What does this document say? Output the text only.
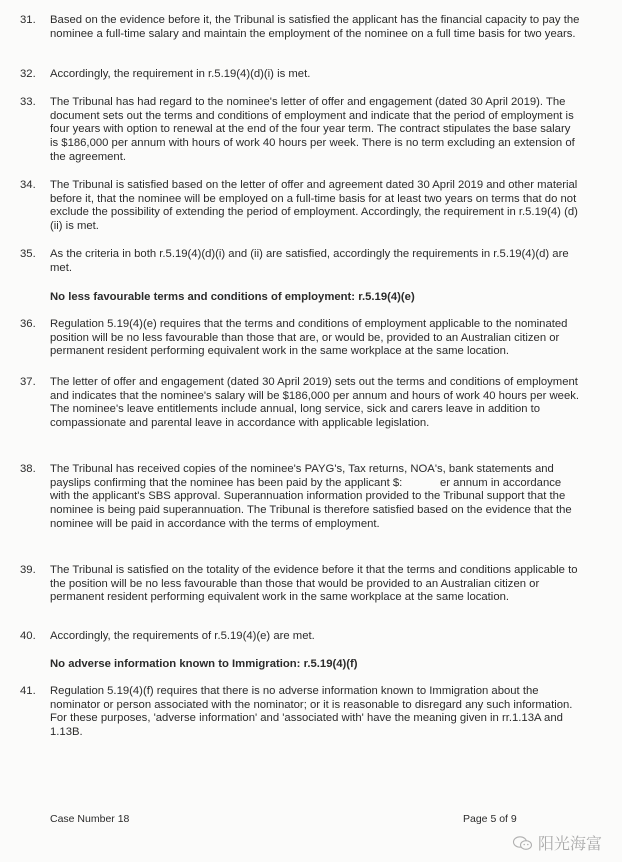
31.	Based on the evidence before it, the Tribunal is satisfied the applicant has the financial capacity to pay the nominee a full-time salary and maintain the employment of the nominee on a full time basis for two years.
32.	Accordingly, the requirement in r.5.19(4)(d)(i) is met.
33.	The Tribunal has had regard to the nominee's letter of offer and engagement (dated 30 April 2019). The document sets out the terms and conditions of employment and indicate that the period of employment is four years with option to renewal at the end of the four year term. The contract stipulates the base salary is $186,000 per annum with hours of work 40 hours per week. There is no term excluding an extension of the agreement.
34.	The Tribunal is satisfied based on the letter of offer and agreement dated 30 April 2019 and other material before it, that the nominee will be employed on a full-time basis for at least two years on terms that do not exclude the possibility of extending the period of employment. Accordingly, the requirement in r.5.19(4) (d) (ii) is met.
35.	As the criteria in both r.5.19(4)(d)(i) and (ii) are satisfied, accordingly the requirements in r.5.19(4)(d) are met.
No less favourable terms and conditions of employment: r.5.19(4)(e)
36.	Regulation 5.19(4)(e) requires that the terms and conditions of employment applicable to the nominated position will be no less favourable than those that are, or would be, provided to an Australian citizen or permanent resident performing equivalent work in the same workplace at the same location.
37.	The letter of offer and engagement (dated 30 April 2019) sets out the terms and conditions of employment and indicates that the nominee's salary will be $186,000 per annum and hours of work 40 hours per week. The nominee's leave entitlements include annual, long service, sick and carers leave in addition to compassionate and parental leave in accordance with applicable legislation.
38.	The Tribunal has received copies of the nominee's PAYG's, Tax returns, NOA's, bank statements and payslips confirming that the nominee has been paid by the applicant $:            er annum in accordance with the applicant's SBS approval. Superannuation information provided to the Tribunal support that the nominee is being paid superannuation. The Tribunal is therefore satisfied based on the evidence that the nominee will be paid in accordance with the terms of employment.
39.	The Tribunal is satisfied on the totality of the evidence before it that the terms and conditions applicable to the position will be no less favourable than those that would be provided to an Australian citizen or permanent resident performing equivalent work in the same workplace at the same location.
40.	Accordingly, the requirements of r.5.19(4)(e) are met.
No adverse information known to Immigration: r.5.19(4)(f)
41.	Regulation 5.19(4)(f) requires that there is no adverse information known to Immigration about the nominator or person associated with the nominator; or it is reasonable to disregard any such information. For these purposes, 'adverse information' and 'associated with' have the meaning given in rr.1.13A and 1.13B.
Case Number 18	Page 5 of 9
阳光海富
